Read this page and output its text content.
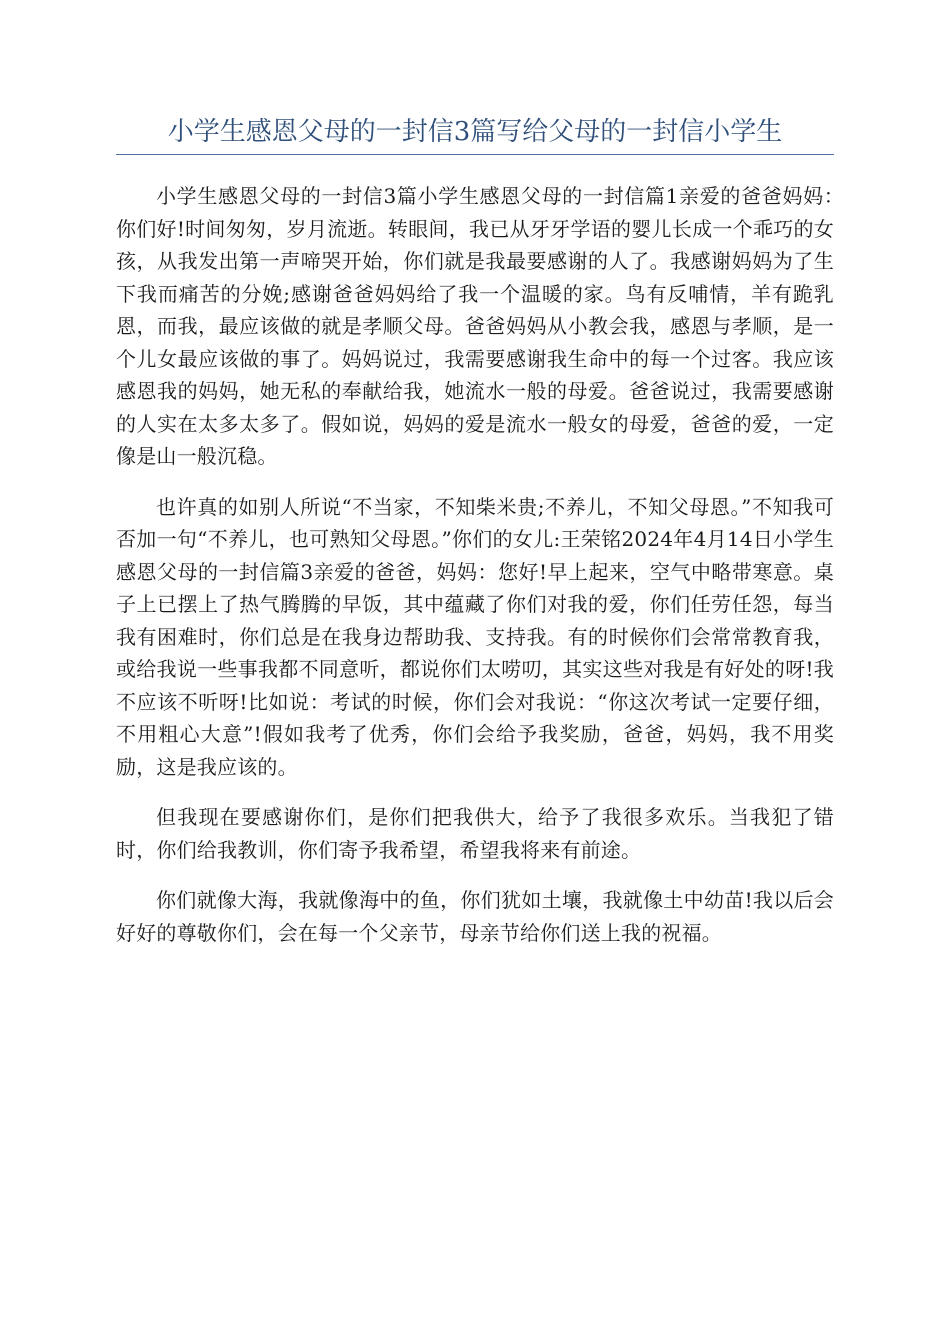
小学生感恩父母的一封信3篇写给父母的一封信小学生

小学生感恩父母的一封信3篇小学生感恩父母的一封信篇1亲爱的爸爸妈妈：　你们好!时间匆匆，岁月流逝。转眼间，我已从牙牙学语的婴儿长成一个乖巧的女孩，从我发出第一声啼哭开始，你们就是我最要感谢的人了。我感谢妈妈为了生下我而痛苦的分娩;感谢爸爸妈妈给了我一个温暖的家。鸟有反哺情，羊有跪乳恩，而我，最应该做的就是孝顺父母。爸爸妈妈从小教会我，感恩与孝顺，是一个儿女最应该做的事了。妈妈说过，我需要感谢我生命中的每一个过客。我应该感恩我的妈妈，她无私的奉献给我，她流水一般的母爱。爸爸说过，我需要感谢的人实在太多太多了。假如说，妈妈的爱是流水一般女的母爱，爸爸的爱，一定像是山一般沉稳。

也许真的如别人所说“不当家，不知柴米贵;不养儿，不知父母恩。”不知我可否加一句“不养儿，也可熟知父母恩。”你们的女儿:王荣铭2024年4月14日小学生感恩父母的一封信篇3亲爱的爸爸，妈妈：您好!早上起来，空气中略带寒意。桌子上已摆上了热气腾腾的早饭，其中蕴藏了你们对我的爱，你们任劳任怨，每当我有困难时，你们总是在我身边帮助我、支持我。有的时候你们会常常教育我，或给我说一些事我都不同意听，都说你们太唠叨，其实这些对我是有好处的呀!我不应该不听呀!比如说：考试的时候，你们会对我说：“你这次考试一定要仔细，不用粗心大意”!假如我考了优秀，你们会给予我奖励，爸爸，妈妈，我不用奖励，这是我应该的。

但我现在要感谢你们，是你们把我供大，给予了我很多欢乐。当我犯了错时，你们给我教训，你们寄予我希望，希望我将来有前途。

你们就像大海，我就像海中的鱼，你们犹如土壤，我就像土中幼苗!我以后会好好的尊敬你们，会在每一个父亲节，母亲节给你们送上我的祝福。
